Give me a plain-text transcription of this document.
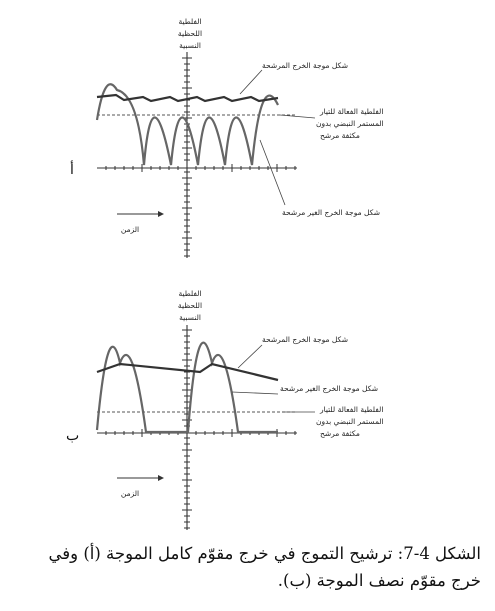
الفلطية
اللحظية
النسبية
شكل موجة الخرج المرشحة
الفلطية الفعالة للتيار
المستمر النبضي بدون
مكثفة مرشح
شكل موجة الخرج الغير مرشحة
الزمن
أ
الفلطية
اللحظية
النسبية
شكل موجة الخرج المرشحة
شكل موجة الخرج الغير مرشحة
الفلطية الفعالة للتيار
المستمر النبضي بدون
مكثفة مرشح
الزمن
ب
الشكل 4-7: ترشيح التموج في خرج مقوّم كامل الموجة (أ) وفي خرج مقوّم نصف الموجة (ب).
